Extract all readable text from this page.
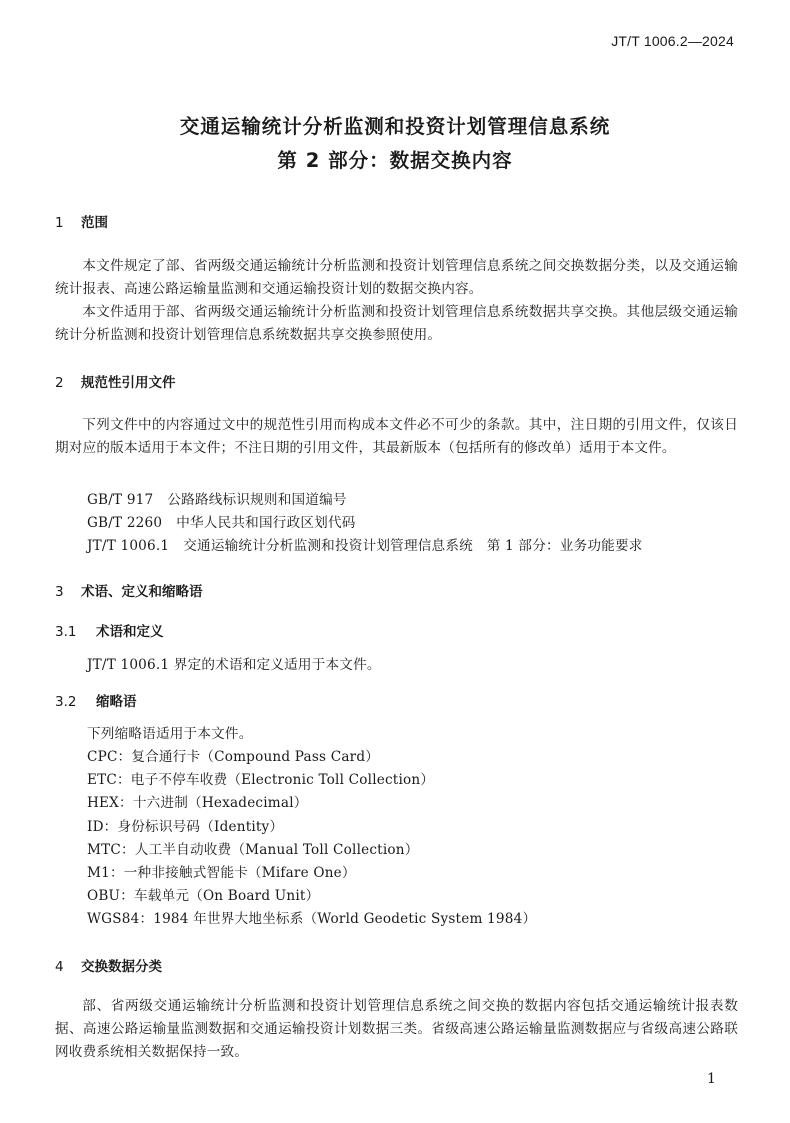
JT/T 1006.2—2024
交通运输统计分析监测和投资计划管理信息系统
第 2 部分：数据交换内容
1 范围
本文件规定了部、省两级交通运输统计分析监测和投资计划管理信息系统之间交换数据分类，以及交通运输统计报表、高速公路运输量监测和交通运输投资计划的数据交换内容。
本文件适用于部、省两级交通运输统计分析监测和投资计划管理信息系统数据共享交换。其他层级交通运输统计分析监测和投资计划管理信息系统数据共享交换参照使用。
2 规范性引用文件
下列文件中的内容通过文中的规范性引用而构成本文件必不可少的条款。其中，注日期的引用文件，仅该日期对应的版本适用于本文件；不注日期的引用文件，其最新版本（包括所有的修改单）适用于本文件。
GB/T 917 公路路线标识规则和国道编号
GB/T 2260 中华人民共和国行政区划代码
JT/T 1006.1 交通运输统计分析监测和投资计划管理信息系统　第 1 部分：业务功能要求
3 术语、定义和缩略语
3.1 术语和定义
JT/T 1006.1 界定的术语和定义适用于本文件。
3.2 缩略语
下列缩略语适用于本文件。
CPC：复合通行卡（Compound Pass Card）
ETC：电子不停车收费（Electronic Toll Collection）
HEX：十六进制（Hexadecimal）
ID：身份标识号码（Identity）
MTC：人工半自动收费（Manual Toll Collection）
M1：一种非接触式智能卡（Mifare One）
OBU：车载单元（On Board Unit）
WGS84：1984 年世界大地坐标系（World Geodetic System 1984）
4 交换数据分类
部、省两级交通运输统计分析监测和投资计划管理信息系统之间交换的数据内容包括交通运输统计报表数据、高速公路运输量监测数据和交通运输投资计划数据三类。省级高速公路运输量监测数据应与省级高速公路联网收费系统相关数据保持一致。
1
